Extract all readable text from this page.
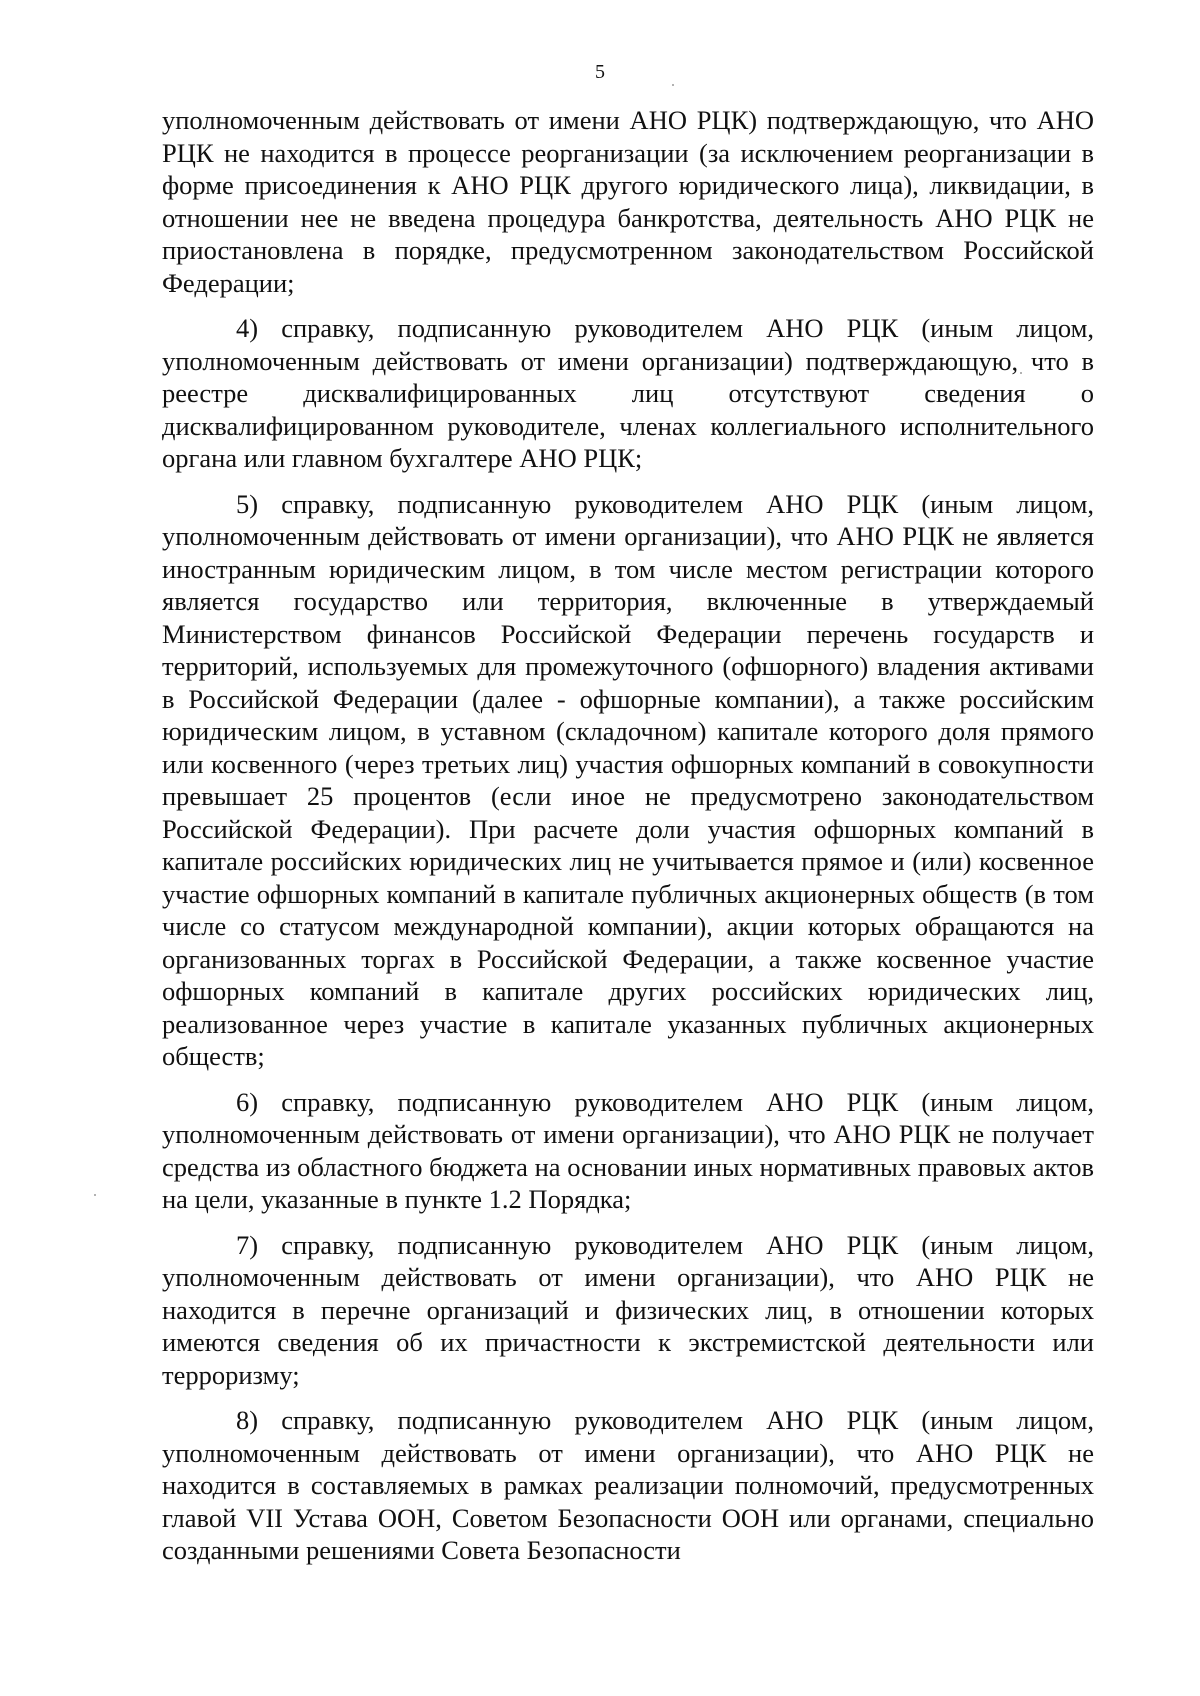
5

уполномоченным действовать от имени АНО РЦК) подтверждающую, что АНО РЦК не находится в процессе реорганизации (за исключением реорганизации в форме присоединения к АНО РЦК другого юридического лица), ликвидации, в отношении нее не введена процедура банкротства, деятельность АНО РЦК не приостановлена в порядке, предусмотренном законодательством Российской Федерации;

4) справку, подписанную руководителем АНО РЦК (иным лицом, уполномоченным действовать от имени организации) подтверждающую, что в реестре дисквалифицированных лиц отсутствуют сведения о дисквалифицированном руководителе, членах коллегиального исполнительного органа или главном бухгалтере АНО РЦК;

5) справку, подписанную руководителем АНО РЦК (иным лицом, уполномоченным действовать от имени организации), что АНО РЦК не является иностранным юридическим лицом, в том числе местом регистрации которого является государство или территория, включенные в утверждаемый Министерством финансов Российской Федерации перечень государств и территорий, используемых для промежуточного (офшорного) владения активами в Российской Федерации (далее - офшорные компании), а также российским юридическим лицом, в уставном (складочном) капитале которого доля прямого или косвенного (через третьих лиц) участия офшорных компаний в совокупности превышает 25 процентов (если иное не предусмотрено законодательством Российской Федерации). При расчете доли участия офшорных компаний в капитале российских юридических лиц не учитывается прямое и (или) косвенное участие офшорных компаний в капитале публичных акционерных обществ (в том числе со статусом международной компании), акции которых обращаются на организованных торгах в Российской Федерации, а также косвенное участие офшорных компаний в капитале других российских юридических лиц, реализованное через участие в капитале указанных публичных акционерных обществ;

6) справку, подписанную руководителем АНО РЦК (иным лицом, уполномоченным действовать от имени организации), что АНО РЦК не получает средства из областного бюджета на основании иных нормативных правовых актов на цели, указанные в пункте 1.2 Порядка;

7) справку, подписанную руководителем АНО РЦК (иным лицом, уполномоченным действовать от имени организации), что АНО РЦК не находится в перечне организаций и физических лиц, в отношении которых имеются сведения об их причастности к экстремистской деятельности или терроризму;

8) справку, подписанную руководителем АНО РЦК (иным лицом, уполномоченным действовать от имени организации), что АНО РЦК не находится в составляемых в рамках реализации полномочий, предусмотренных главой VII Устава ООН, Советом Безопасности ООН или органами, специально созданными решениями Совета Безопасности
